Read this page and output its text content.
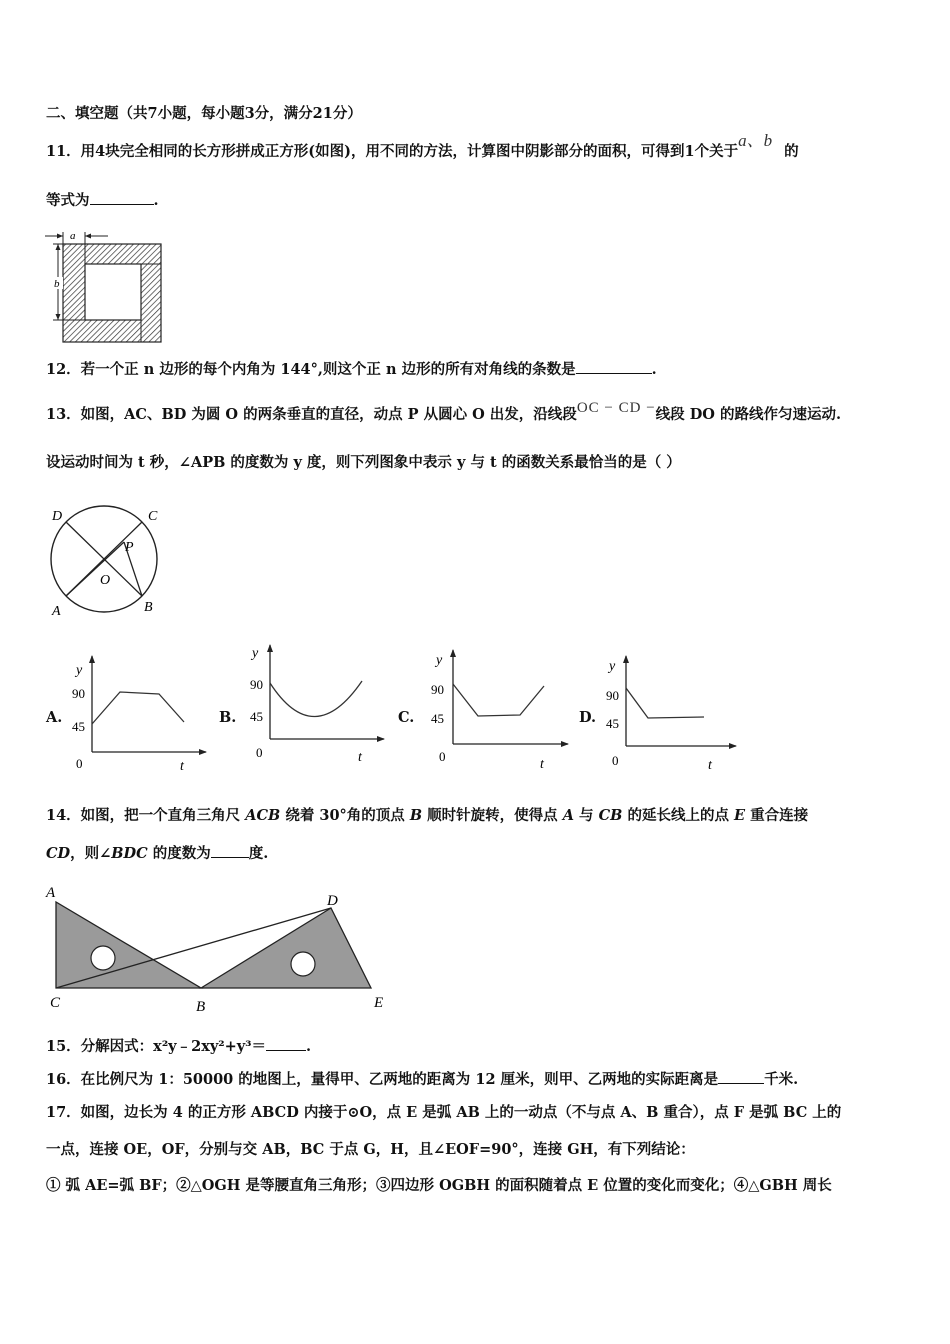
二、填空题（共7小题，每小题3分，满分21分）
11．用4块完全相同的长方形拼成正方形(如图)，用不同的方法，计算图中阴影部分的面积，可得到1个关于a、b的
等式为	.
a
b
12．若一个正 n 边形的每个内角为 144°,则这个正 n 边形的所有对角线的条数是	.
13．如图，AC、BD 为圆 O 的两条垂直的直径，动点 P 从圆心 O 出发，沿线段OC − CD −线段 DO 的路线作匀速运动.
设运动时间为 t 秒，∠APB 的度数为 y 度，则下列图象中表示 y 与 t 的函数关系最恰当的是（ ）
D	C
P
O
A	B
A.
y
90
45
0	t
B.
y
90
45
0	t
C.
y
90
45
0
t
D.
y
90
45
0	t
14．如图，把一个直角三角尺 ACB 绕着 30°角的顶点 B 顺时针旋转，使得点 A 与 CB 的延长线上的点 E 重合连接
CD，则∠BDC 的度数为	度.
A
C	B
D
E
15．分解因式：x²y﹣2xy²+y³＝	.
16．在比例尺为 1：50000 的地图上，量得甲、乙两地的距离为 12 厘米，则甲、乙两地的实际距离是	千米.
17．如图，边长为 4 的正方形 ABCD 内接于⊙O，点 E 是弧 AB 上的一动点（不与点 A、B 重合），点 F 是弧 BC 上的
一点，连接 OE，OF，分别与交 AB，BC 于点 G，H，且∠EOF=90°，连接 GH，有下列结论：
① 弧 AE=弧 BF；②△OGH 是等腰直角三角形；③四边形 OGBH 的面积随着点 E 位置的变化而变化；④△GBH 周长
